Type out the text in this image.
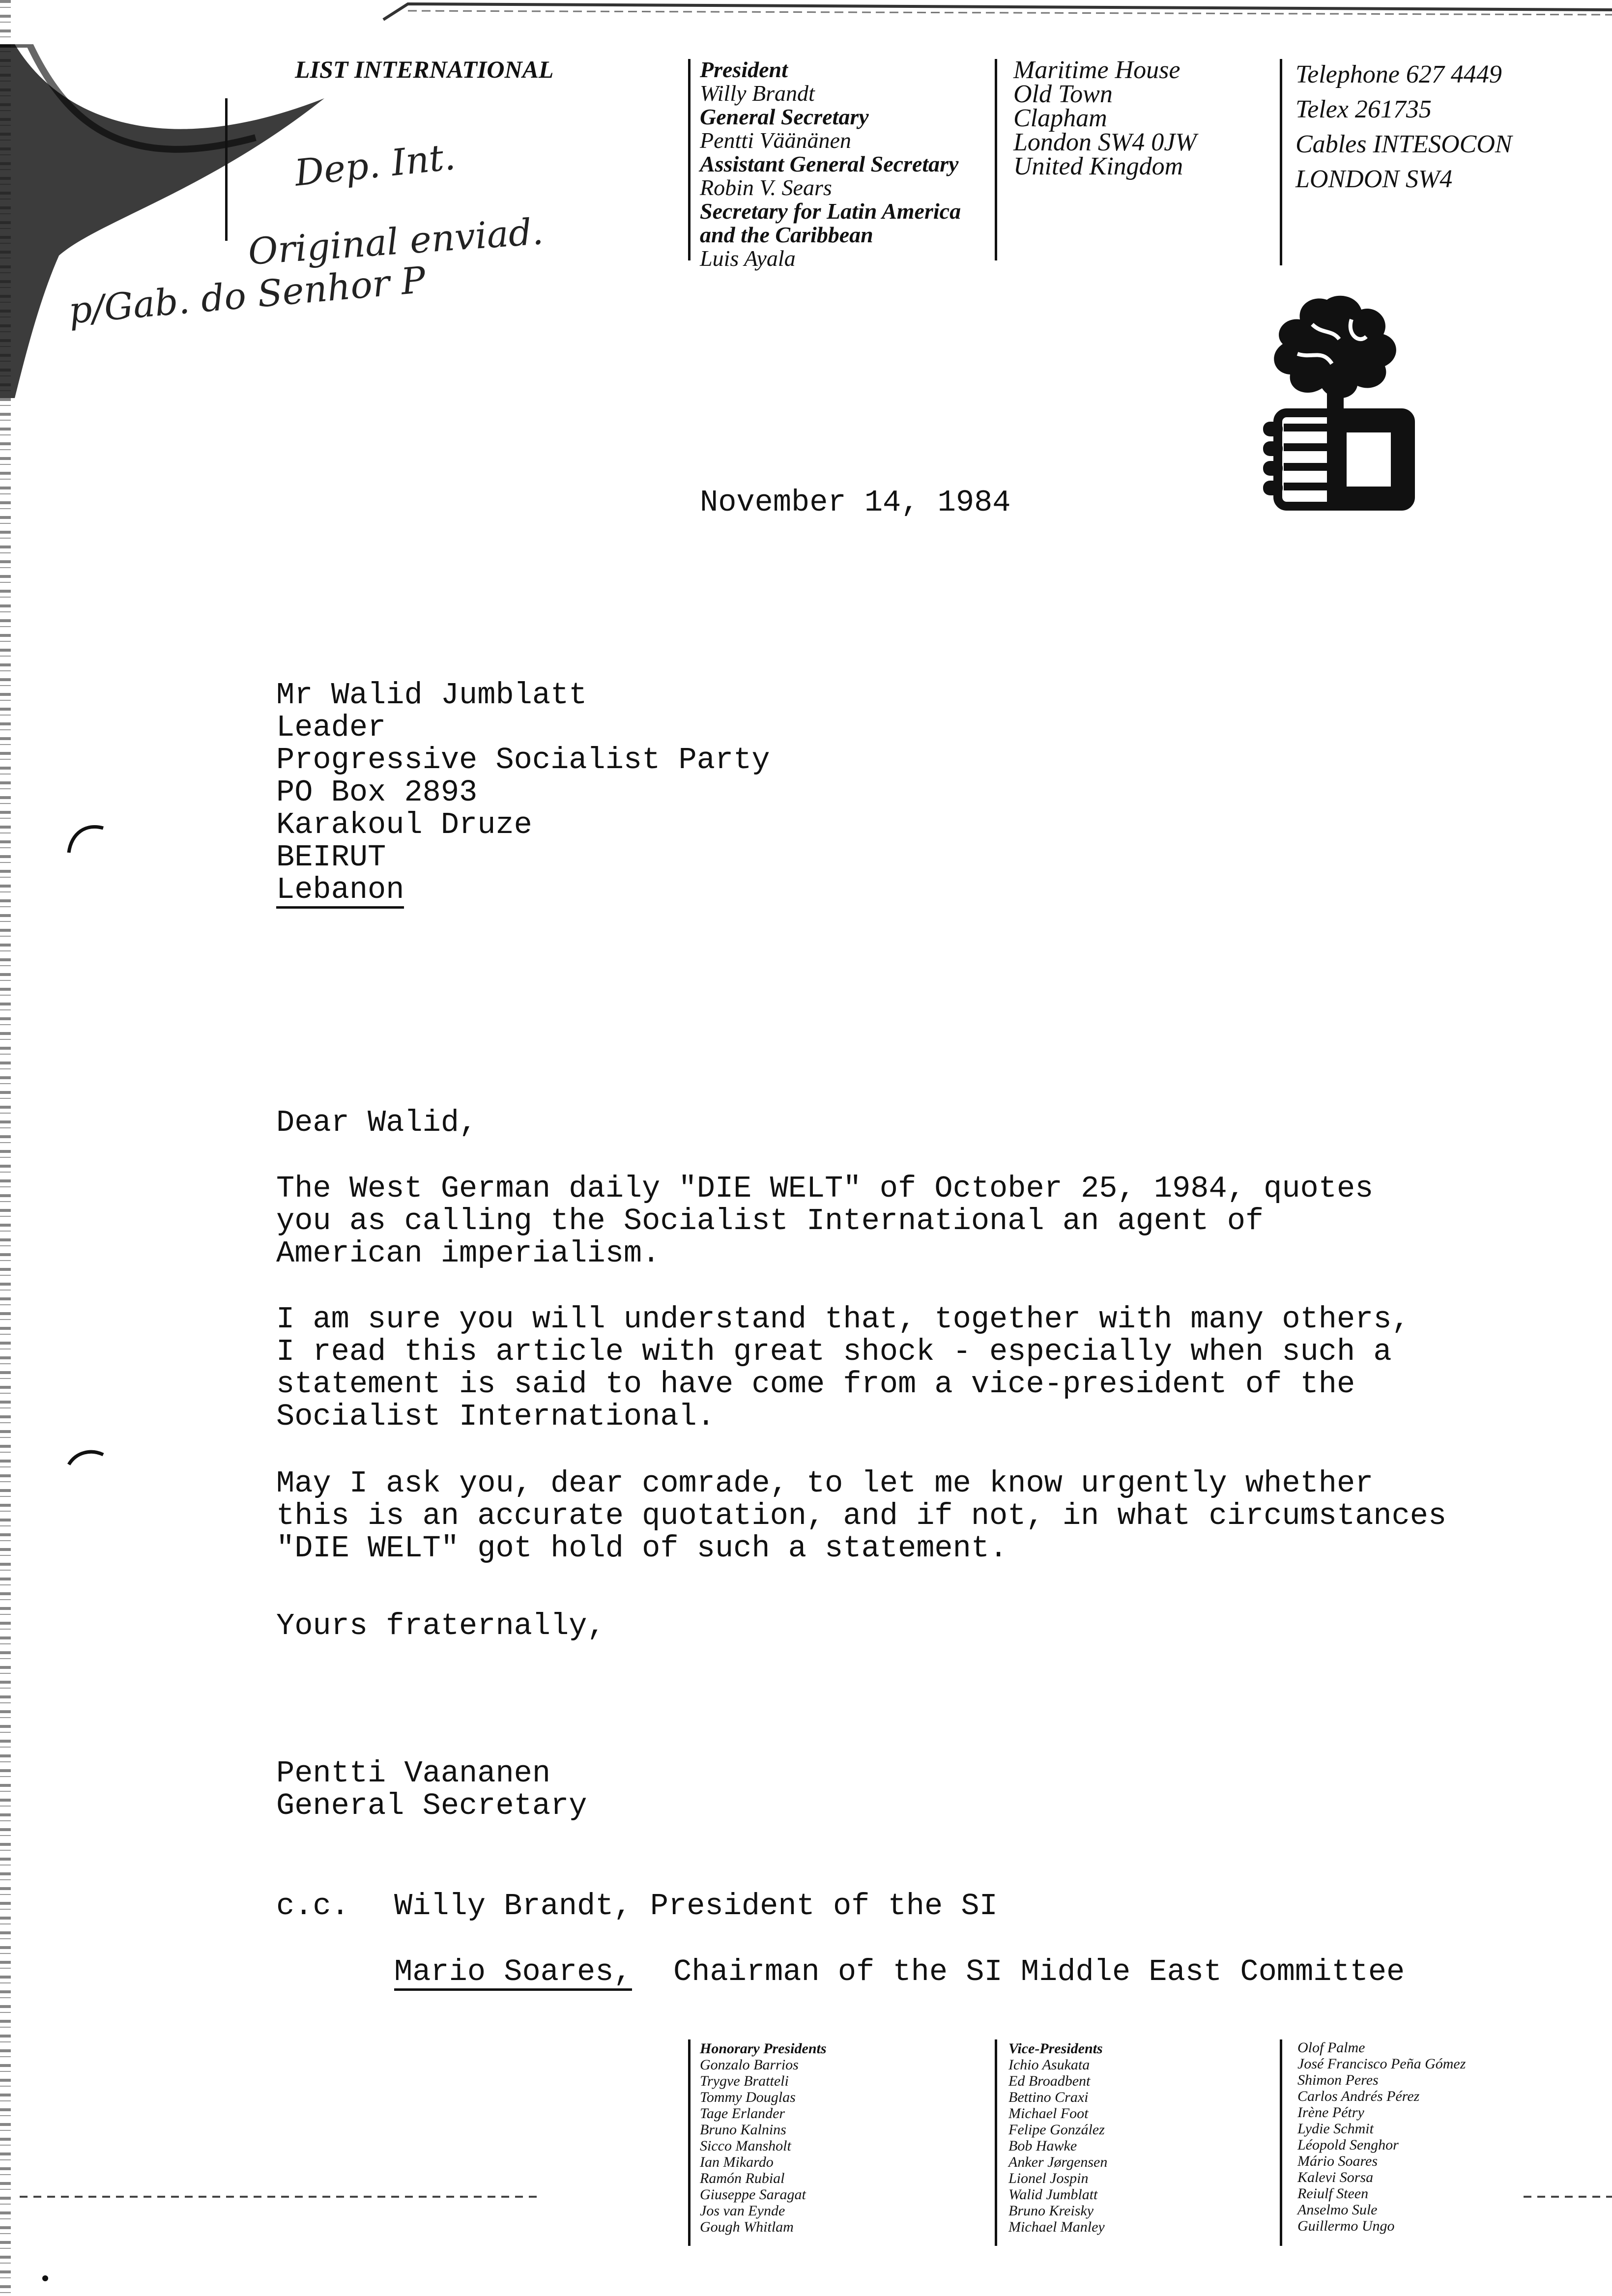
LIST INTERNATIONAL	President
Willy Brandt
General Secretary
Pentti Väänänen
Assistant General Secretary
Robin V. Sears
Secretary for Latin America
and the Caribbean
Luis Ayala
Maritime House
Old Town
Clapham
London SW4 0JW
United Kingdom
Telephone 627 4449
Telex 261735
Cables INTESOCON
LONDON SW4
Dep. Int.
Original enviad.
p/Gab. do Senhor P
November 14, 1984
Mr Walid Jumblatt
Leader
Progressive Socialist Party
PO Box 2893
Karakoul Druze
BEIRUT
Lebanon
Dear Walid,
The West German daily "DIE WELT" of October 25, 1984, quotes
you as calling the Socialist International an agent of
American imperialism.
I am sure you will understand that, together with many others,
I read this article with great shock - especially when such a
statement is said to have come from a vice-president of the
Socialist International.
May I ask you, dear comrade, to let me know urgently whether
this is an accurate quotation, and if not, in what circumstances
"DIE WELT" got hold of such a statement.
Yours fraternally,
Pentti Vaananen
General Secretary
c.c. Willy Brandt, President of the SI
Mario Soares, Chairman of the SI Middle East Committee
Honorary Presidents
Gonzalo Barrios
Trygve Bratteli
Tommy Douglas
Tage Erlander
Bruno Kalnins
Sicco Mansholt
Ian Mikardo
Ramón Rubial
Giuseppe Saragat
Jos van Eynde
Gough Whitlam
Vice-Presidents
Ichio Asukata
Ed Broadbent
Bettino Craxi
Michael Foot
Felipe González
Bob Hawke
Anker Jørgensen
Lionel Jospin
Walid Jumblatt
Bruno Kreisky
Michael Manley
Olof Palme
José Francisco Peña Gómez
Shimon Peres
Carlos Andrés Pérez
Irène Pétry
Lydie Schmit
Léopold Senghor
Mário Soares
Kalevi Sorsa
Reiulf Steen
Anselmo Sule
Guillermo Ungo
